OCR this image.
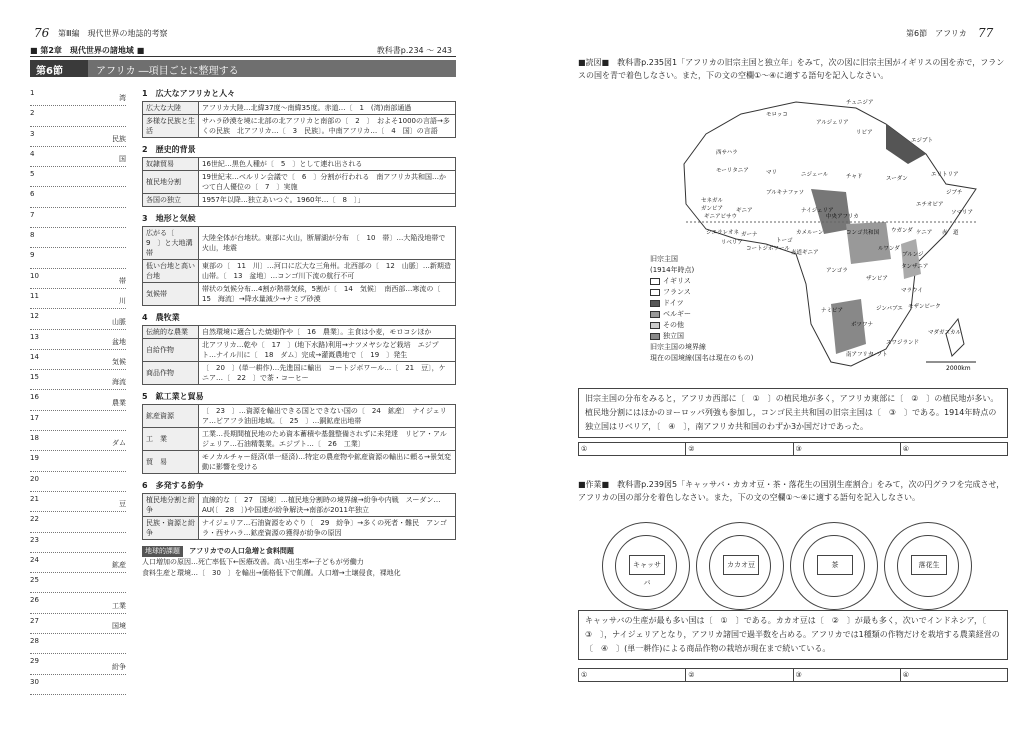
76 第Ⅲ編　現代世界の地誌的考察
■ 第2章　現代世界の諸地域 ■	教科書p.234 ～ 243
第6節	アフリカ ―項目ごとに整理する
1
湾
2
3
民族
4
国
5
6
7
8
9
10
帯
11
川
12
山脈
13
盆地
14
気候
15
海流
16
農業
17
18
ダム
19
20
21
豆
22
23
24
鉱産
25
26
工業
27
国境
28
29
紛争
30
1　広大なアフリカと人々
広大な大陸	アフリカ大陸…北緯37度～南緯35度。赤道…〔　1　(湾)南部通過
多様な民族と生活	サハラ砂漠を境に北部の北アフリカと南部の〔　2　〕　およそ1000の言語→多くの民族　北アフリカ…〔　3　民族〕。中南アフリカ…〔　4　国〕の言語
2　歴史的背景
奴隷貿易	16世紀…黒色人種が〔　5　〕として連れ出される
植民地分割	19世紀末…ベルリン会議で〔　6　〕分割が行われる　南アフリカ共和国…かつて白人優位の〔　7　〕実施
各国の独立	1957年以降…独立あいつぐ。1960年…〔　8　〕」
3　地形と気候
広がる〔　9　〕と大地溝帯	大陸全体が台地状。東部に火山，断層湖が分布　〔　10　帯〕…大陥没地帯で火山，地震
低い台地と高い台地	東部の〔　11　川〕…河口に広大な三角州。北西部の〔　12　山脈〕…新期造山帯。〔　13　盆地〕…コンゴ川下流の航行不可
気候帯	帯状の気候分布…4割が熱帯気候，5割が〔　14　気候〕　南西部…寒流の〔　15　海流〕→降水量減少→ナミブ砂漠
4　農牧業
伝統的な農業	自然環境に適合した焼畑作や〔　16　農業〕。主食は小麦，モロコシほか
自給作物	北アフリカ…乾や〔　17　〕(地下水路)利用→ナツメヤシなど栽培　エジプト…ナイル川に〔　18　ダム〕完成→灌漑農地で〔　19　〕発生
商品作物	〔　20　〕(単一耕作)…先進国に輸出　コートジボワール…〔　21　豆〕，ケニア…〔　22　〕で茶・コーヒー
5　鉱工業と貿易
鉱産資源	〔　23　〕…資源を輸出できる国とできない国の〔　24　鉱産〕　ナイジェリア…ビアフラ油田地域。〔　25　〕…銅鉱産出地帯
工　業	工業…長期間植民地のため資本蓄積や基盤整備されずに未発達　リビア・アルジェリア…石油精製業。エジプト…〔　26　工業〕
貿　易	モノカルチャー経済(単一経済)…特定の農産物や鉱産資源の輸出に頼る→景気変動に影響を受ける
6　多発する紛争
植民地分割と紛争	直線的な〔　27　国境〕…植民地分割時の境界線→紛争や内戦　スーダン…AU(〔　28　〕)や国連が紛争解決→南部が2011年独立
民族・資源と紛争	ナイジェリア…石油資源をめぐり〔　29　紛争〕→多くの死者・難民　アンゴラ・西サハラ…鉱産資源の獲得が紛争の原因
地球的課題 アフリカでの人口急増と食料問題
人口増加の原因…死亡率低下←医療改善。高い出生率←子どもが労働力
食料生産と環境…〔　30　〕を輸出→価格低下で飢饉。人口増→土壌侵食，裸地化
第6節　アフリカ 77
■読図■　教科書p.235図1「アフリカの旧宗主国と独立年」をみて，次の図に旧宗主国がイギリスの国を赤で，フランスの国を青で着色しなさい。また，下の文の空欄①～④に適する語句を記入しなさい。
チュニジア
モロッコ
アルジェリア
リビア
エジプト
西サハラ
モーリタニア	マリ	ニジェール	チャド	スーダン
エリトリア
セネガル
ガンビア
ギニアビサウ
ブルキナファソ	ジブチ
ギニア	ナイジェリア
エチオピア
シエラレオネ ガーナ
中央アフリカ
ソマリア
リベリア
コートジボワール
トーゴ
カメルーン	ウガンダ ケニア
赤道ギニア
コンゴ共和国
ルワンダ
ブルンジ
タンザニア
アンゴラ
ザンビア
マラウイ
モザンビーク
ナミビア	ジンバブエ
ボツワナ
マダガスカル
南アフリカ
スワジランド
レソト
赤　道
2000km
旧宗主国
(1914年時点)
イギリス
フランス
ドイツ
ベルギー
その他
独立国
旧宗主国の境界線
現在の国境線(国名は現在のもの)
旧宗主国の分布をみると，アフリカ西部に〔　①　〕の植民地が多く，アフリカ東部に〔　②　〕の植民地が多い。植民地分割にはほかのヨーロッパ列強も参加し，コンゴ民主共和国の旧宗主国は〔　③　〕である。1914年時点の独立国はリベリア，〔　④　〕，南アフリカ共和国のわずか3か国だけであった。
①	②	③	④
■作業■　教科書p.239図5「キャッサバ・カカオ豆・茶・落花生の国別生産割合」をみて，次の円グラフを完成させ，アフリカの国の部分を着色しなさい。また，下の文の空欄①～④に適する語句を記入しなさい。
キャッサバ
カカオ豆	茶	落花生
キャッサバの生産が最も多い国は〔　①　〕である。カカオ豆は〔　②　〕が最も多く，次いでインドネシア，〔　③　〕，ナイジェリアとなり，アフリカ諸国で過半数を占める。アフリカでは1種類の作物だけを栽培する農業経営の〔　④　〕(単一耕作)による商品作物の栽培が現在まで続いている。
①	②	③	④
